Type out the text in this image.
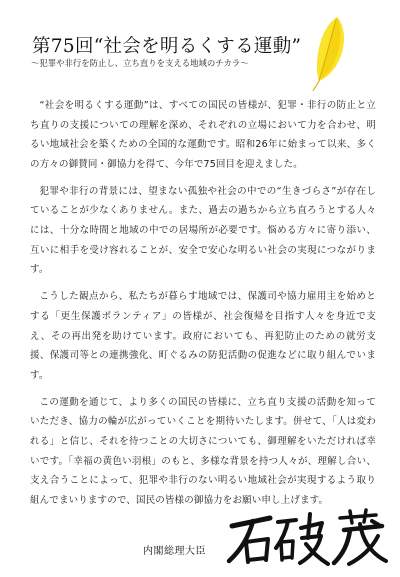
第75回“社会を明るくする運動”
～犯罪や非行を防止し、立ち直りを支える地域のチカラ～

“社会を明るくする運動”は、すべての国民の皆様が、犯罪・非行の防止と立ち直りの支援についての理解を深め、それぞれの立場において力を合わせ、明るい地域社会を築くための全国的な運動です。昭和26年に始まって以来、多くの方々の御賛同・御協力を得て、今年で75回目を迎えました。

犯罪や非行の背景には、望まない孤独や社会の中での“生きづらさ”が存在していることが少なくありません。また、過去の過ちから立ち直ろうとする人々には、十分な時間と地域の中での居場所が必要です。悩める方々に寄り添い、互いに相手を受け容れることが、安全で安心な明るい社会の実現につながります。

こうした観点から、私たちが暮らす地域では、保護司や協力雇用主を始めとする「更生保護ボランティア」の皆様が、社会復帰を目指す人々を身近で支え、その再出発を助けています。政府においても、再犯防止のための就労支援、保護司等との連携強化、町ぐるみの防犯活動の促進などに取り組んでいます。

この運動を通じて、より多くの国民の皆様に、立ち直り支援の活動を知っていただき、協力の輪が広がっていくことを期待いたします。併せて、「人は変われる」と信じ、それを待つことの大切さについても、御理解をいただければ幸いです。「幸福の黄色い羽根」のもと、多様な背景を持つ人々が、理解し合い、支え合うことによって、犯罪や非行のない明るい地域社会が実現するよう取り組んでまいりますので、国民の皆様の御協力をお願い申し上げます。

内閣総理大臣
